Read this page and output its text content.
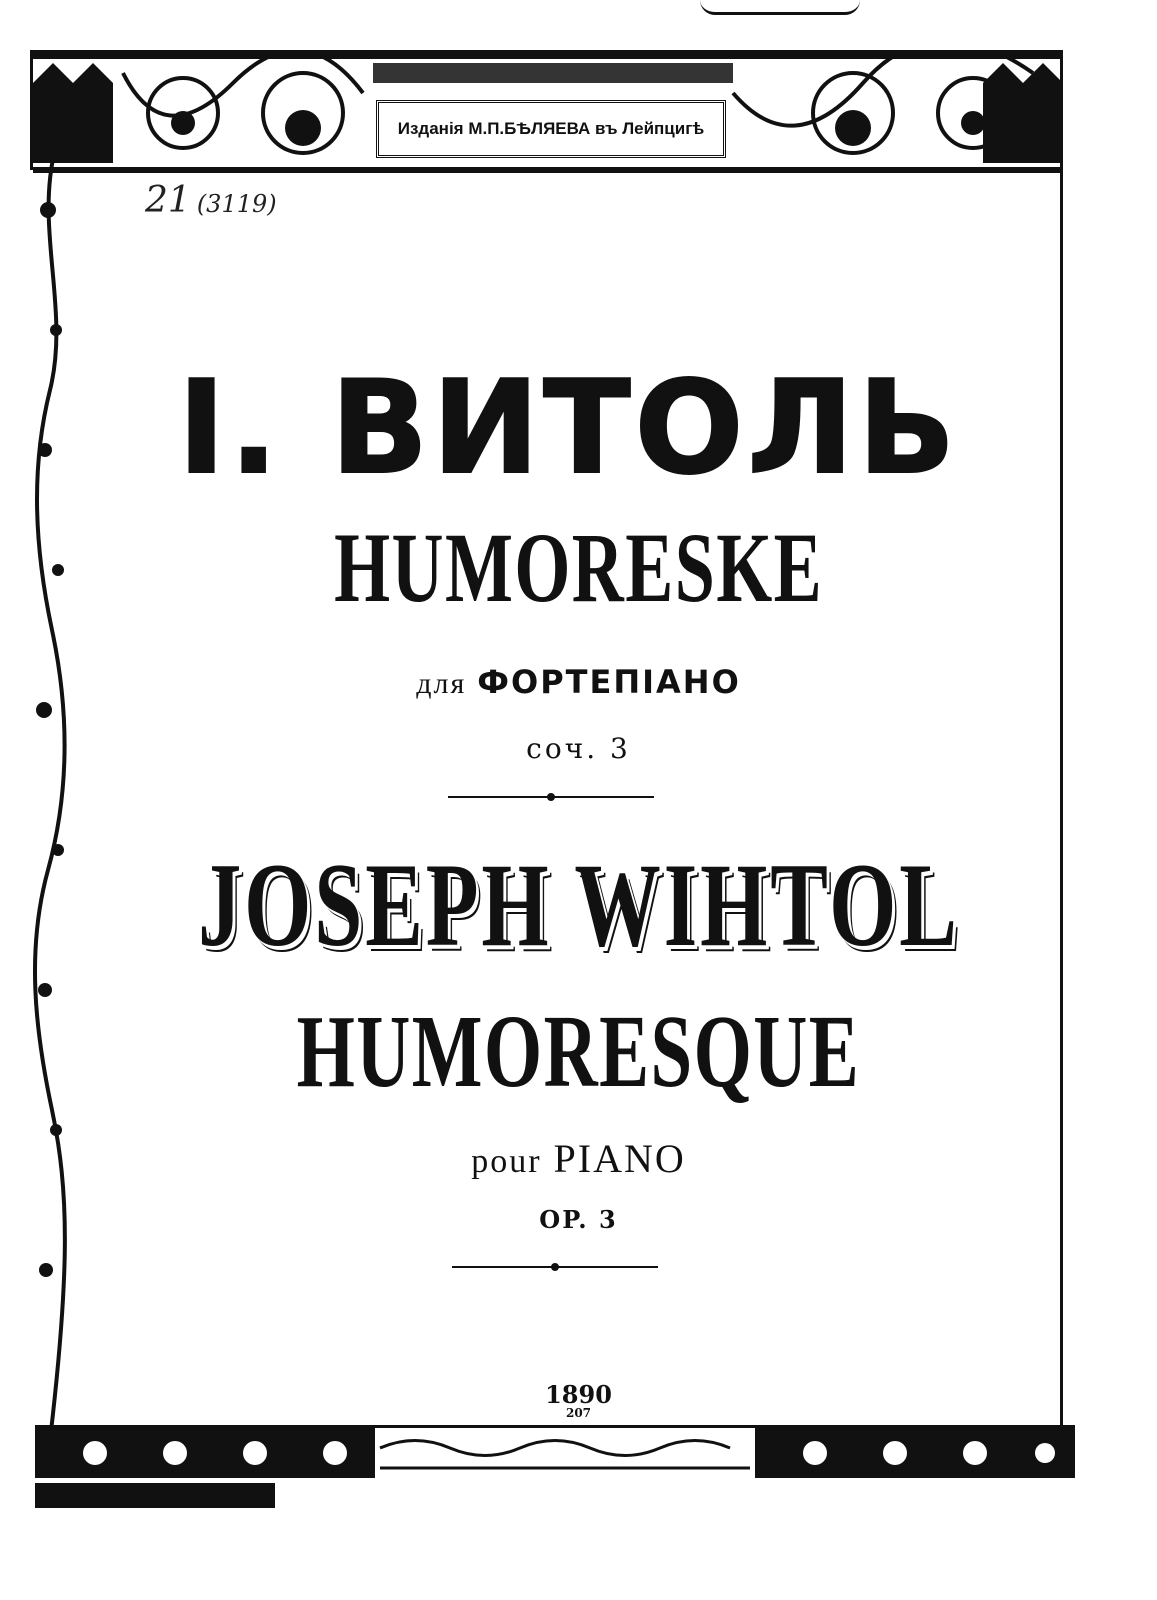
Изданія М.П.БѢЛЯЕВА въ Лейпцигѣ
21 (3119)
І. ВИТОЛЬ
HUMORESKE
для ФОРТЕПІАНО
соч. 3
JOSEPH WIHTOL
HUMORESQUE
pour PIANO
OP. 3
1890
207
